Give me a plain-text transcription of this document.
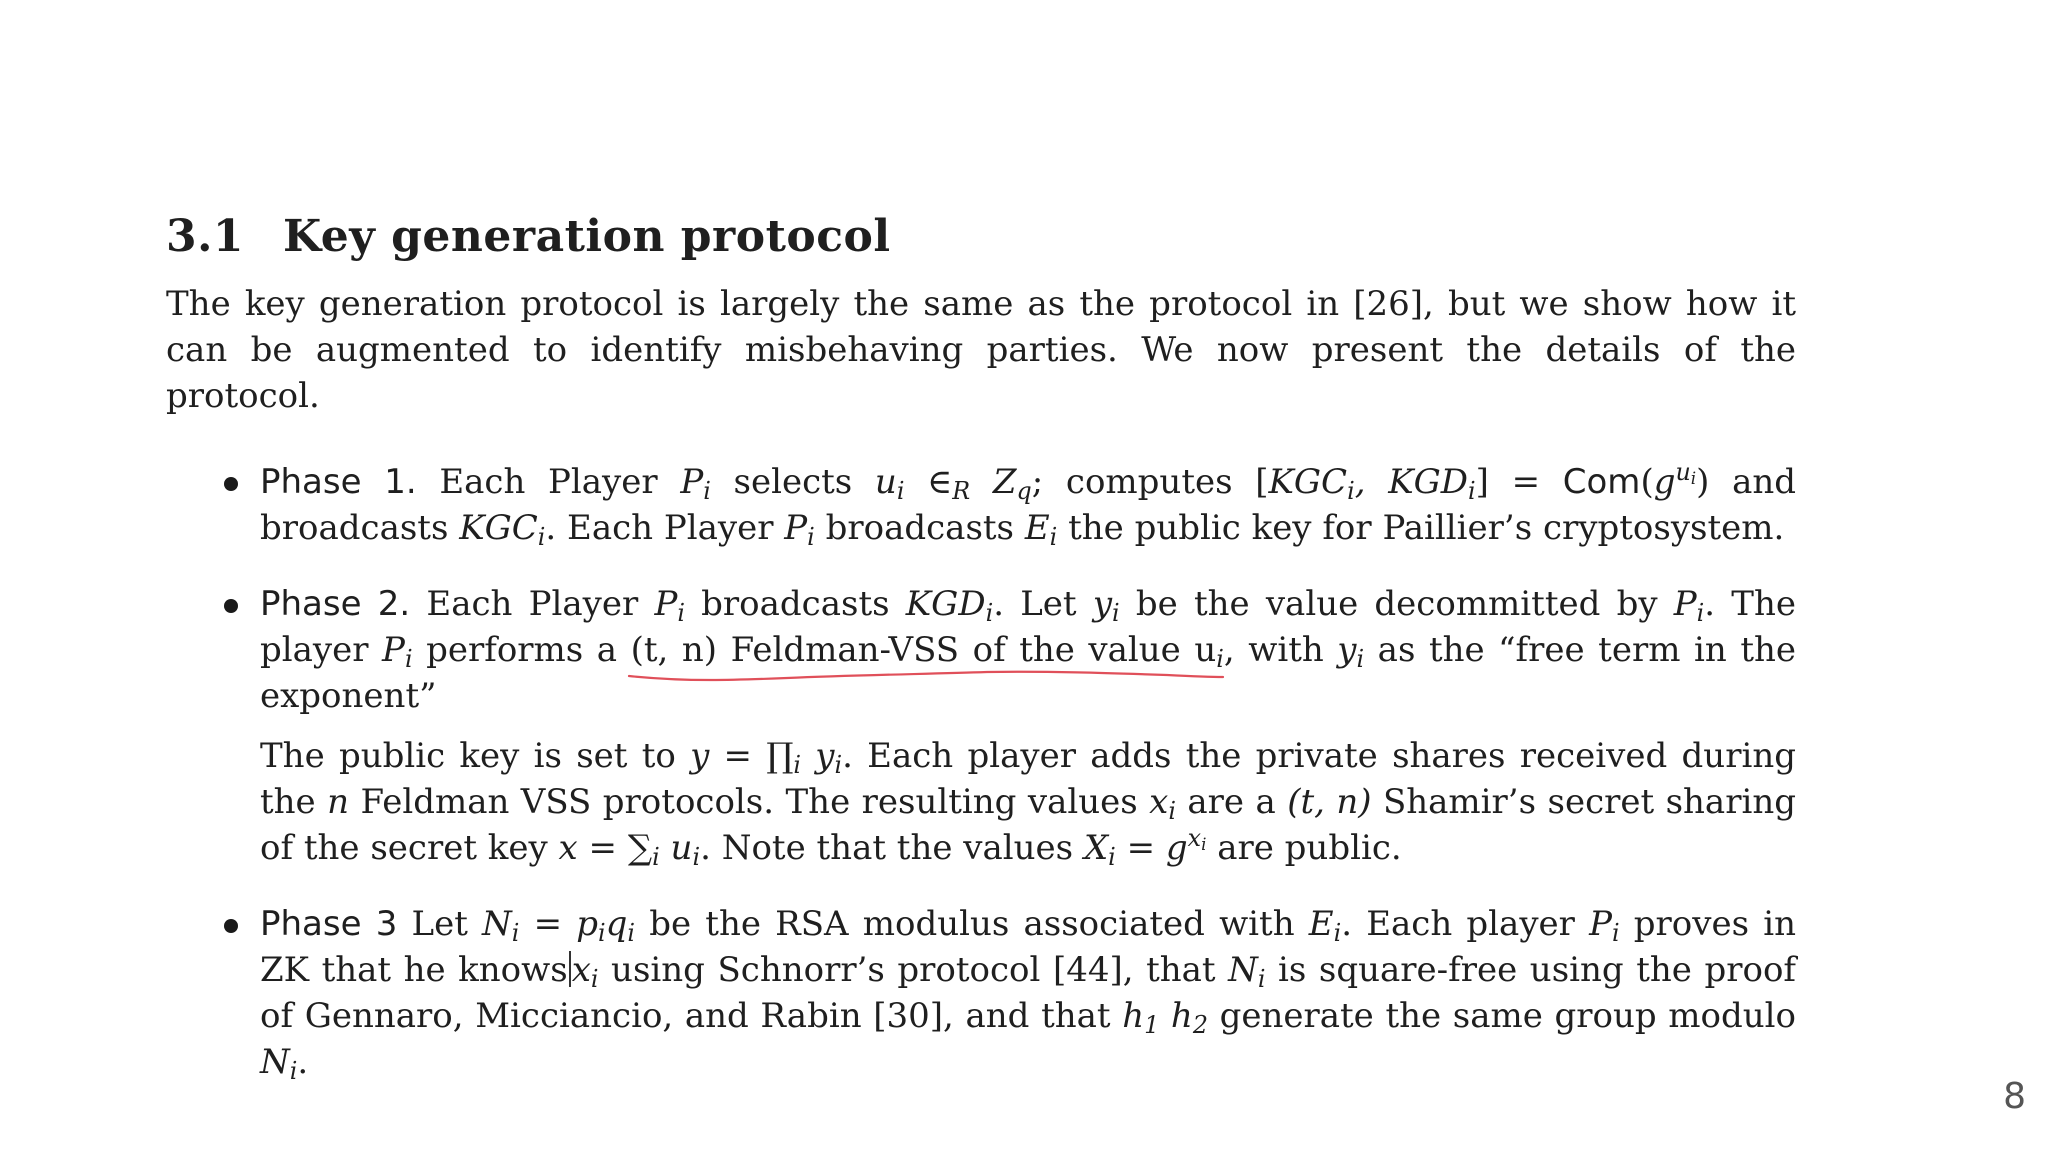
3.1 Key generation protocol

The key generation protocol is largely the same as the protocol in [26], but we show how it can be augmented to identify misbehaving parties. We now present the details of the protocol.

Phase 1. Each Player $P_i$ selects $u_i$ $\in_R$ $Z_q$; computes [$KGC_i$, $KGD_i] = Com(g^{u_i})$ and broadcasts $KGC_i$. Each Player $P_i$ broadcasts $E_i$ the public key for Paillier’s cryptosystem.

Phase 2. Each Player $P_i$ broadcasts $KGD_i$. Let $y_i$ be the value decommitted by $P_i$. The player $P_i$ performs a (t, n) Feldman-VSS of the value $u_i$
, with $y_i$ as the “free term in the exponent”

The public key is set to $y = \prod_i$ $y_i$. Each player adds the private shares received during the n Feldman VSS protocols. The resulting values $x_i$ are a (t, n) Shamir’s secret sharing of the secret key $x = \sum_i$ $u_i$. Note that the values $X_i = g^{x_i}$ are public.

Phase 3 Let $N_i = p_iq_i$ be the RSA modulus associated with $E_i$. Each player $P_i$ proves in ZK that he knows $x_i$ using Schnorr’s protocol [44], that $N_i$ is square-free using the proof of Gennaro, Micciancio, and Rabin [30], and that $h_1$ $h_2$ generate the same group modulo $N_i$.

8
